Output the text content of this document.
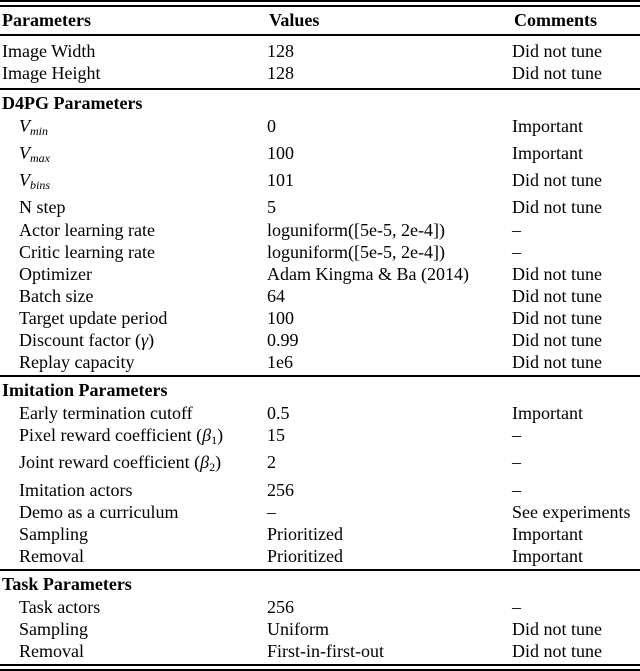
Parameters	Values	Comments
Image Width	128	Did not tune
Image Height	128	Did not tune
D4PG Parameters
Vmin	0	Important
Vmax	100	Important
Vbins	101	Did not tune
N step	5	Did not tune
Actor learning rate	loguniform([5e-5, 2e-4])	–
Critic learning rate	loguniform([5e-5, 2e-4])	–
Optimizer	Adam Kingma & Ba (2014)	Did not tune
Batch size	64	Did not tune
Target update period	100	Did not tune
Discount factor (γ)	0.99	Did not tune
Replay capacity	1e6	Did not tune
Imitation Parameters
Early termination cutoff	0.5	Important
Pixel reward coefficient (β1)	15	–
Joint reward coefficient (β2)	2	–
Imitation actors	256	–
Demo as a curriculum	–	See experiments
Sampling	Prioritized	Important
Removal	Prioritized	Important
Task Parameters
Task actors	256	–
Sampling	Uniform	Did not tune
Removal	First-in-first-out	Did not tune
